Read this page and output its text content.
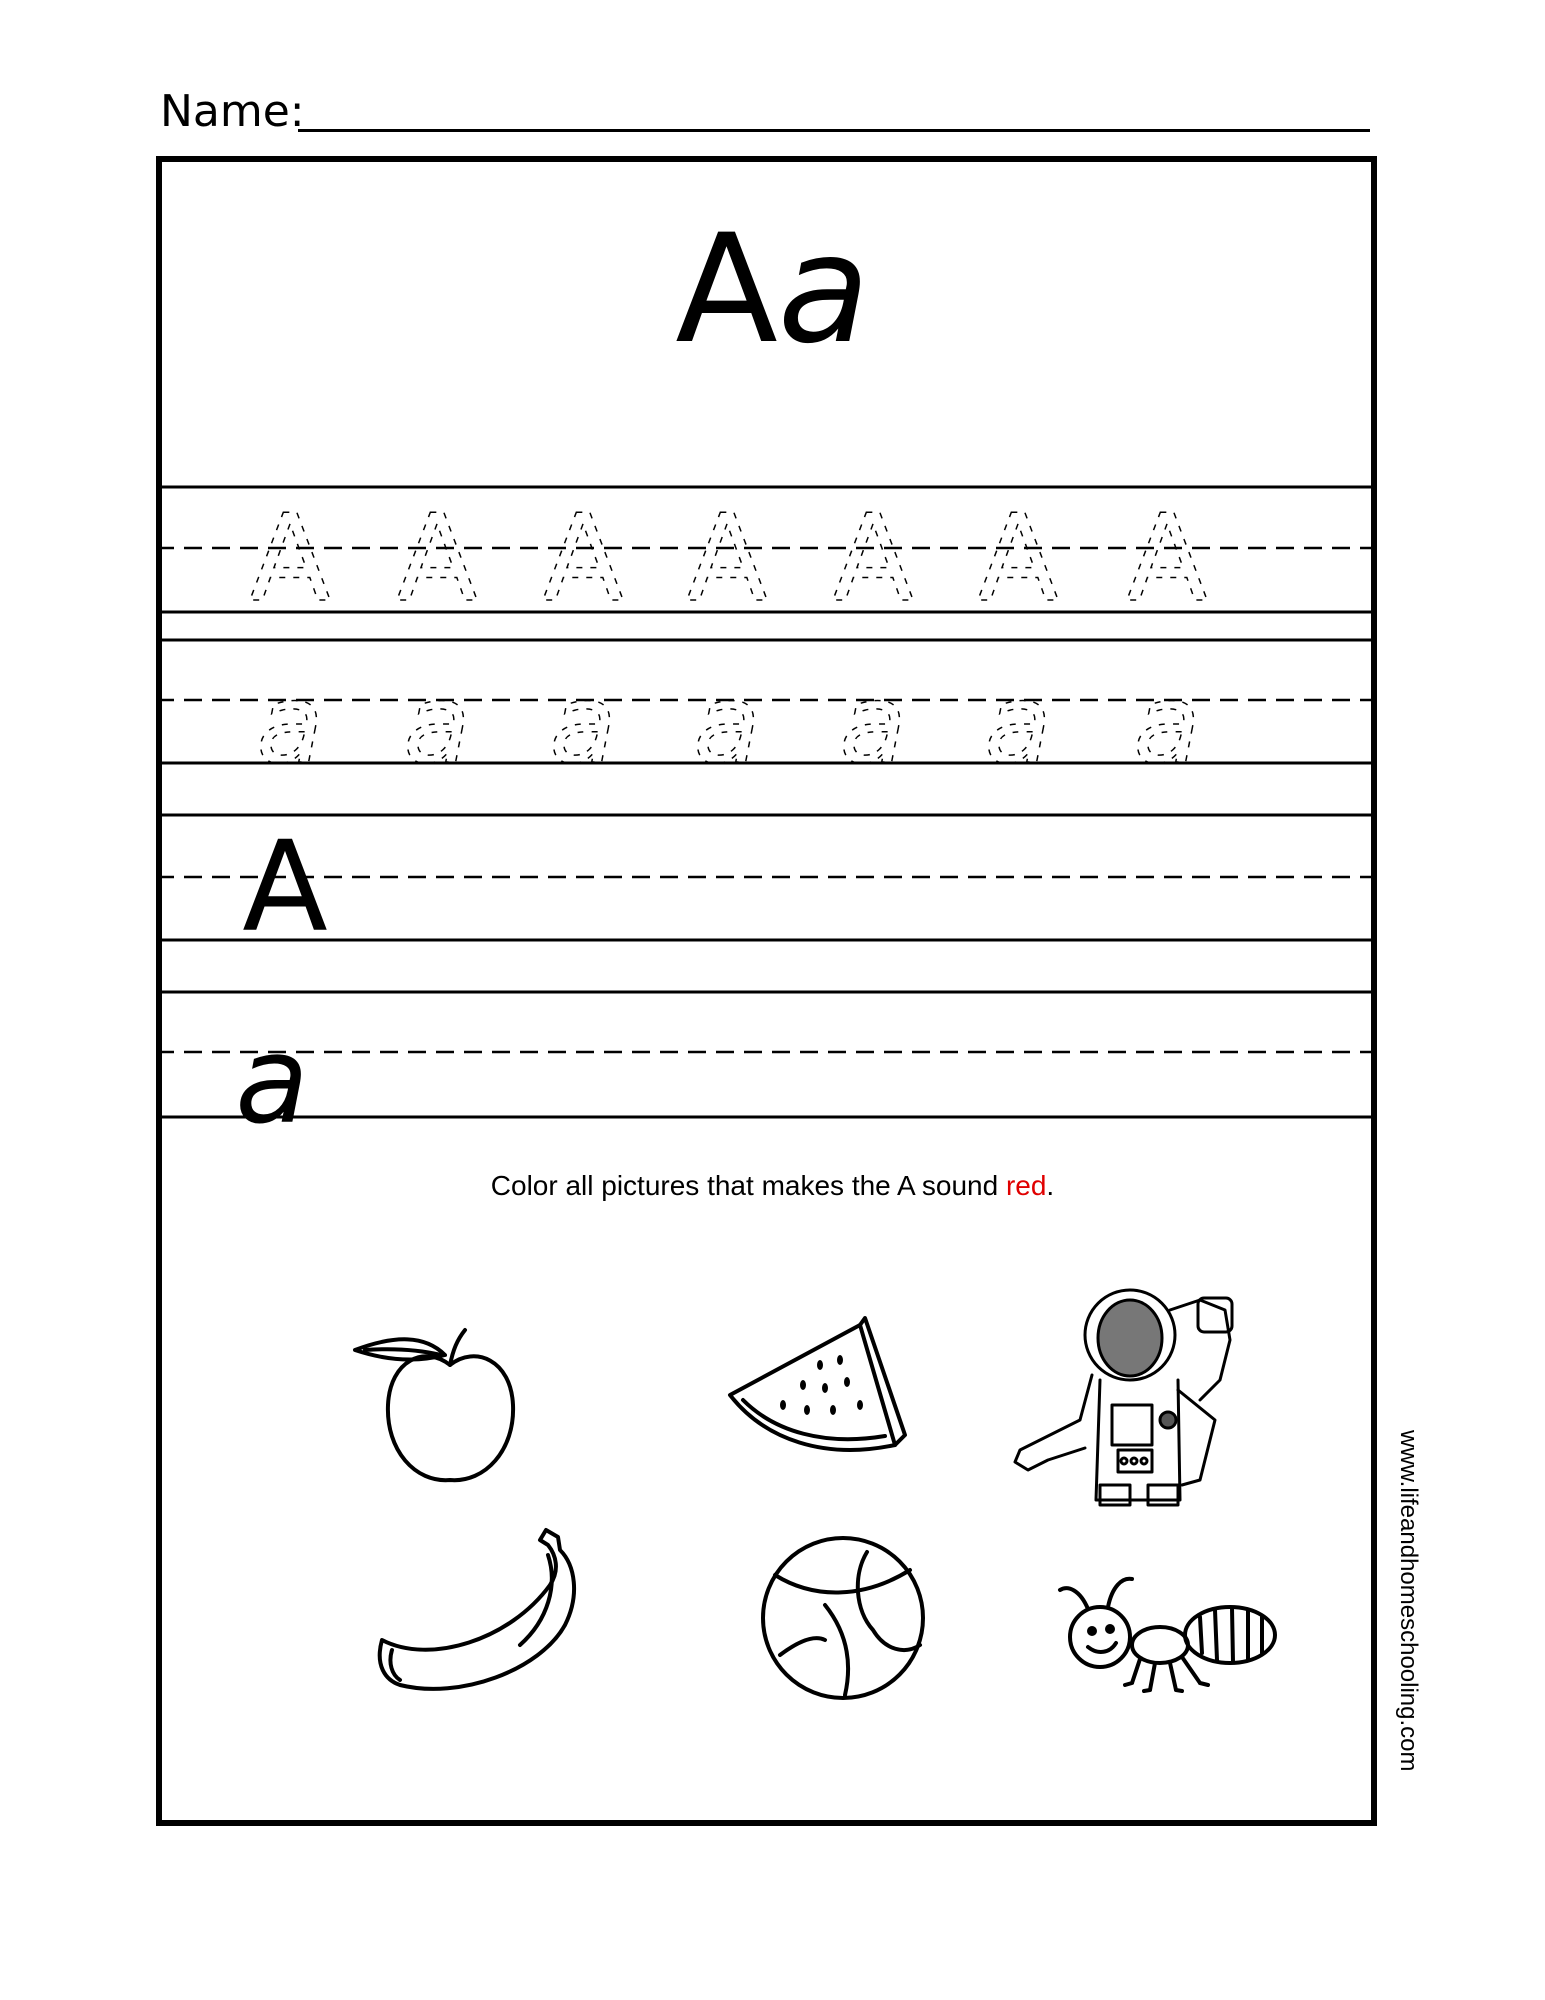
Name:
Aa
A
a
A
a
A
a
A
a
A
a
A
a
A
a
A
a
Color all pictures that makes the A sound red.
www.lifeandhomeschooling.com
